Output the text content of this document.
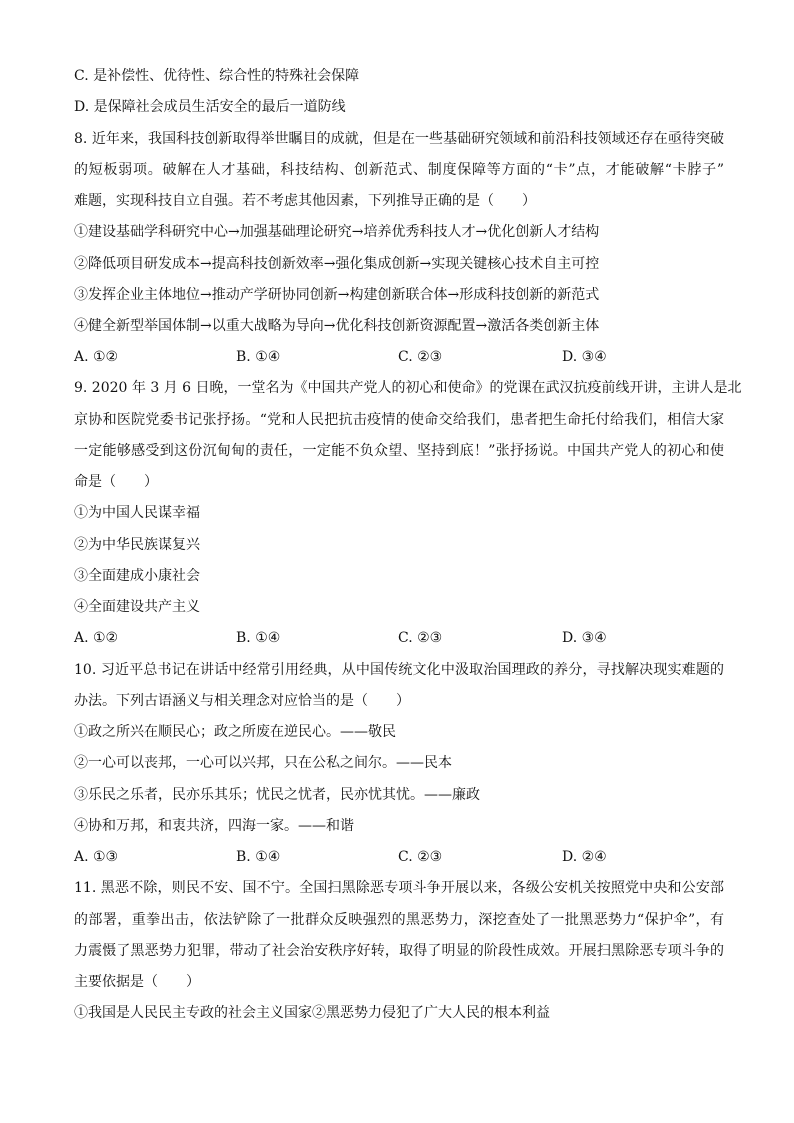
C. 是补偿性、优待性、综合性的特殊社会保障
D. 是保障社会成员生活安全的最后一道防线
8. 近年来，我国科技创新取得举世瞩目的成就，但是在一些基础研究领域和前沿科技领域还存在亟待突破
的短板弱项。破解在人才基础，科技结构、创新范式、制度保障等方面的“卡”点，才能破解“卡脖子”
难题，实现科技自立自强。若不考虑其他因素，下列推导正确的是（　　）
①建设基础学科研究中心→加强基础理论研究→培养优秀科技人才→优化创新人才结构
②降低项目研发成本→提高科技创新效率→强化集成创新→实现关键核心技术自主可控
③发挥企业主体地位→推动产学研协同创新→构建创新联合体→形成科技创新的新范式
④健全新型举国体制→以重大战略为导向→优化科技创新资源配置→激活各类创新主体
A. ①②	B. ①④	C. ②③	D. ③④
9. 2020 年 3 月 6 日晚，一堂名为《中国共产党人的初心和使命》的党课在武汉抗疫前线开讲，主讲人是北
京协和医院党委书记张抒扬。“党和人民把抗击疫情的使命交给我们，患者把生命托付给我们，相信大家
一定能够感受到这份沉甸甸的责任，一定能不负众望、坚持到底！”张抒扬说。中国共产党人的初心和使
命是（　　）
①为中国人民谋幸福
②为中华民族谋复兴
③全面建成小康社会
④全面建设共产主义
A. ①②	B. ①④	C. ②③	D. ③④
10. 习近平总书记在讲话中经常引用经典，从中国传统文化中汲取治国理政的养分，寻找解决现实难题的
办法。下列古语涵义与相关理念对应恰当的是（　　）
①政之所兴在顺民心；政之所废在逆民心。——敬民
②一心可以丧邦，一心可以兴邦，只在公私之间尔。——民本
③乐民之乐者，民亦乐其乐；忧民之忧者，民亦忧其忧。——廉政
④协和万邦，和衷共济，四海一家。——和谐
A. ①③	B. ①④	C. ②③	D. ②④
11. 黑恶不除，则民不安、国不宁。全国扫黑除恶专项斗争开展以来，各级公安机关按照党中央和公安部
的部署，重拳出击，依法铲除了一批群众反映强烈的黑恶势力，深挖查处了一批黑恶势力“保护伞”，有
力震慑了黑恶势力犯罪，带动了社会治安秩序好转，取得了明显的阶段性成效。开展扫黑除恶专项斗争的
主要依据是（　　）
①我国是人民民主专政的社会主义国家②黑恶势力侵犯了广大人民的根本利益
